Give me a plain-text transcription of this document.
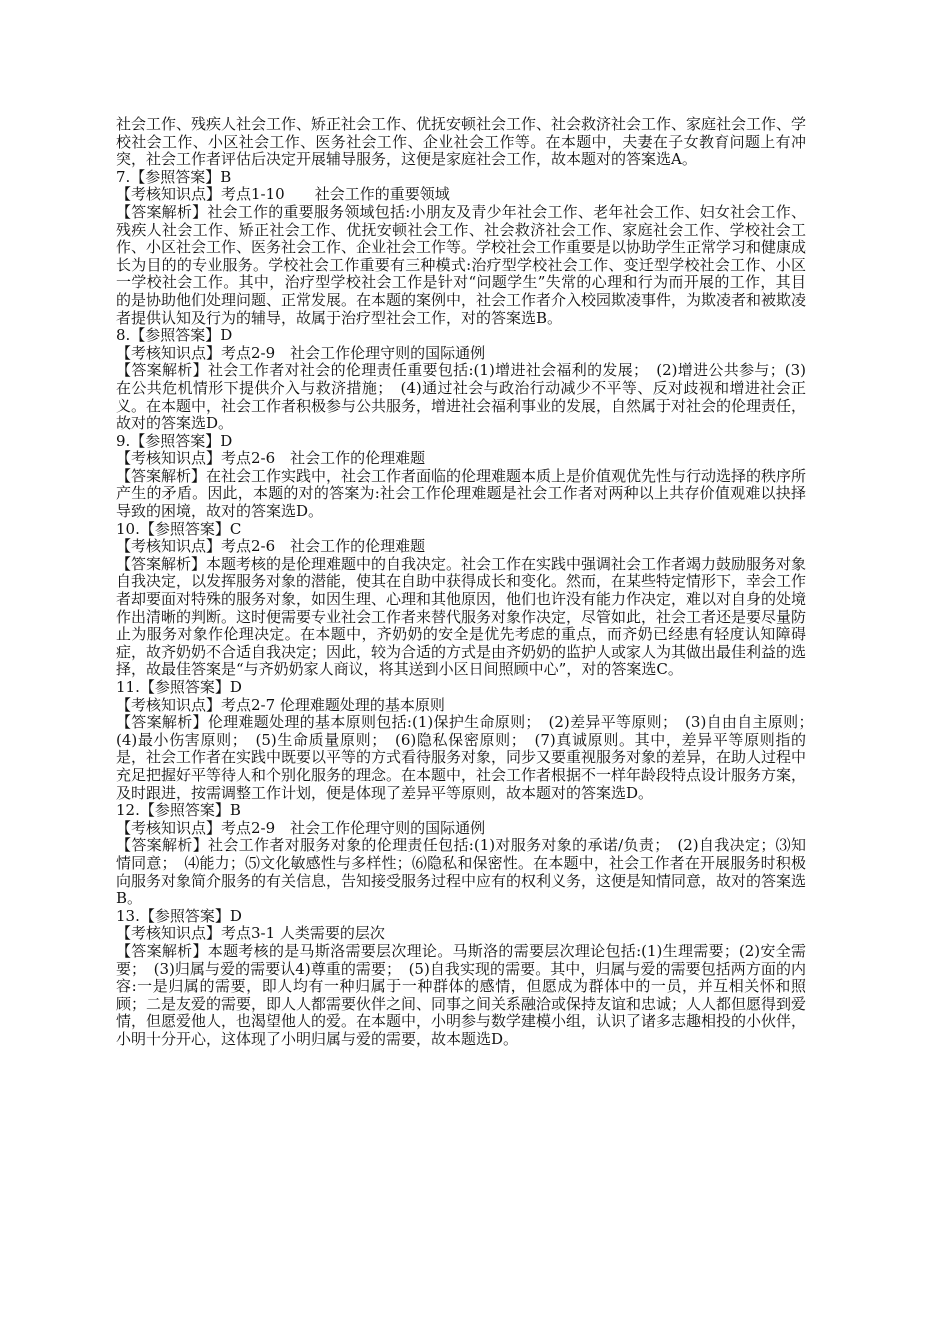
社会工作、残疾人社会工作、矫正社会工作、优抚安顿社会工作、社会救济社会工作、家庭社会工作、学校社会工作、小区社会工作、医务社会工作、企业社会工作等。在本题中，夫妻在子女教育问题上有冲突，社会工作者评估后决定开展辅导服务，这便是家庭社会工作，故本题对的答案选A。

7.【参照答案】B

【考核知识点】考点1-10　　社会工作的重要领域

【答案解析】社会工作的重要服务领域包括:小朋友及青少年社会工作、老年社会工作、妇女社会工作、残疾人社会工作、矫正社会工作、优抚安顿社会工作、社会救济社会工作、家庭社会工作、学校社会工作、小区社会工作、医务社会工作、企业社会工作等。学校社会工作重要是以协助学生正常学习和健康成长为目的的专业服务。学校社会工作重要有三种模式:治疗型学校社会工作、变迁型学校社会工作、小区一学校社会工作。其中，治疗型学校社会工作是针对“问题学生”失常的心理和行为而开展的工作，其目的是协助他们处理问题、正常发展。在本题的案例中，社会工作者介入校园欺凌事件，为欺凌者和被欺凌者提供认知及行为的辅导，故属于治疗型社会工作，对的答案选B。

8.【参照答案】D

【考核知识点】考点2-9　社会工作伦理守则的国际通例

【答案解析】社会工作者对社会的伦理责任重要包括:(1)增进社会福利的发展；　(2)增进公共参与；(3)在公共危机情形下提供介入与救济措施；　(4)通过社会与政治行动减少不平等、反对歧视和增进社会正义。在本题中，社会工作者积极参与公共服务，增进社会福利事业的发展，自然属于对社会的伦理责任，故对的答案选D。

9.【参照答案】D

【考核知识点】考点2-6　社会工作的伦理难题

【答案解析】在社会工作实践中，社会工作者面临的伦理难题本质上是价值观优先性与行动选择的秩序所产生的矛盾。因此，本题的对的答案为:社会工作伦理难题是社会工作者对两种以上共存价值观难以抉择导致的困境，故对的答案选D。

10.【参照答案】C

【考核知识点】考点2-6　社会工作的伦理难题

【答案解析】本题考核的是伦理难题中的自我决定。社会工作在实践中强调社会工作者竭力鼓励服务对象自我决定，以发挥服务对象的潜能，使其在自助中获得成长和变化。然而，在某些特定情形下，幸会工作者却要面对特殊的服务对象，如因生理、心理和其他原因，他们也许没有能力作决定，难以对自身的处境作出清晰的判断。这时便需要专业社会工作者来替代服务对象作决定，尽管如此，社会工者还是要尽量防止为服务对象作伦理决定。在本题中，齐奶奶的安全是优先考虑的重点，而齐奶已经患有轻度认知障碍症，故齐奶奶不合适自我决定；因此，较为合适的方式是由齐奶奶的监护人或家人为其做出最佳利益的选择，故最佳答案是“与齐奶奶家人商议，将其送到小区日间照顾中心”，对的答案选C。

11.【参照答案】D

【考核知识点】考点2-7 伦理难题处理的基本原则

【答案解析】伦理难题处理的基本原则包括:(1)保护生命原则；　(2)差异平等原则；　(3)自由自主原则；　(4)最小伤害原则；　(5)生命质量原则；　(6)隐私保密原则；　(7)真诚原则。其中，差异平等原则指的是，社会工作者在实践中既要以平等的方式看待服务对象，同步又要重视服务对象的差异，在助人过程中充足把握好平等待人和个别化服务的理念。在本题中，社会工作者根据不一样年龄段特点设计服务方案，及时跟进，按需调整工作计划，便是体现了差异平等原则，故本题对的答案选D。

12.【参照答案】B

【考核知识点】考点2-9　社会工作伦理守则的国际通例

【答案解析】社会工作者对服务对象的伦理责任包括:(1)对服务对象的承诺/负责；　(2)自我决定；⑶知情同意；　⑷能力；⑸文化敏感性与多样性；⑹隐私和保密性。在本题中，社会工作者在开展服务时积极向服务对象简介服务的有关信息，告知接受服务过程中应有的权利义务，这便是知情同意，故对的答案选B。

13.【参照答案】D

【考核知识点】考点3-1 人类需要的层次

【答案解析】本题考核的是马斯洛需要层次理论。马斯洛的需要层次理论包括:(1)生理需要；(2)安全需要；　(3)归属与爱的需要认4)尊重的需要；　(5)自我实现的需要。其中，归属与爱的需要包括两方面的内容:一是归属的需要，即人均有一种归属于一种群体的感情，但愿成为群体中的一员，并互相关怀和照顾；二是友爱的需要，即人人都需要伙伴之间、同事之间关系融洽或保持友谊和忠诚；人人都但愿得到爱情，但愿爱他人，也渴望他人的爱。在本题中，小明参与数学建模小组，认识了诸多志趣相投的小伙伴，小明十分开心，这体现了小明归属与爱的需要，故本题选D。
